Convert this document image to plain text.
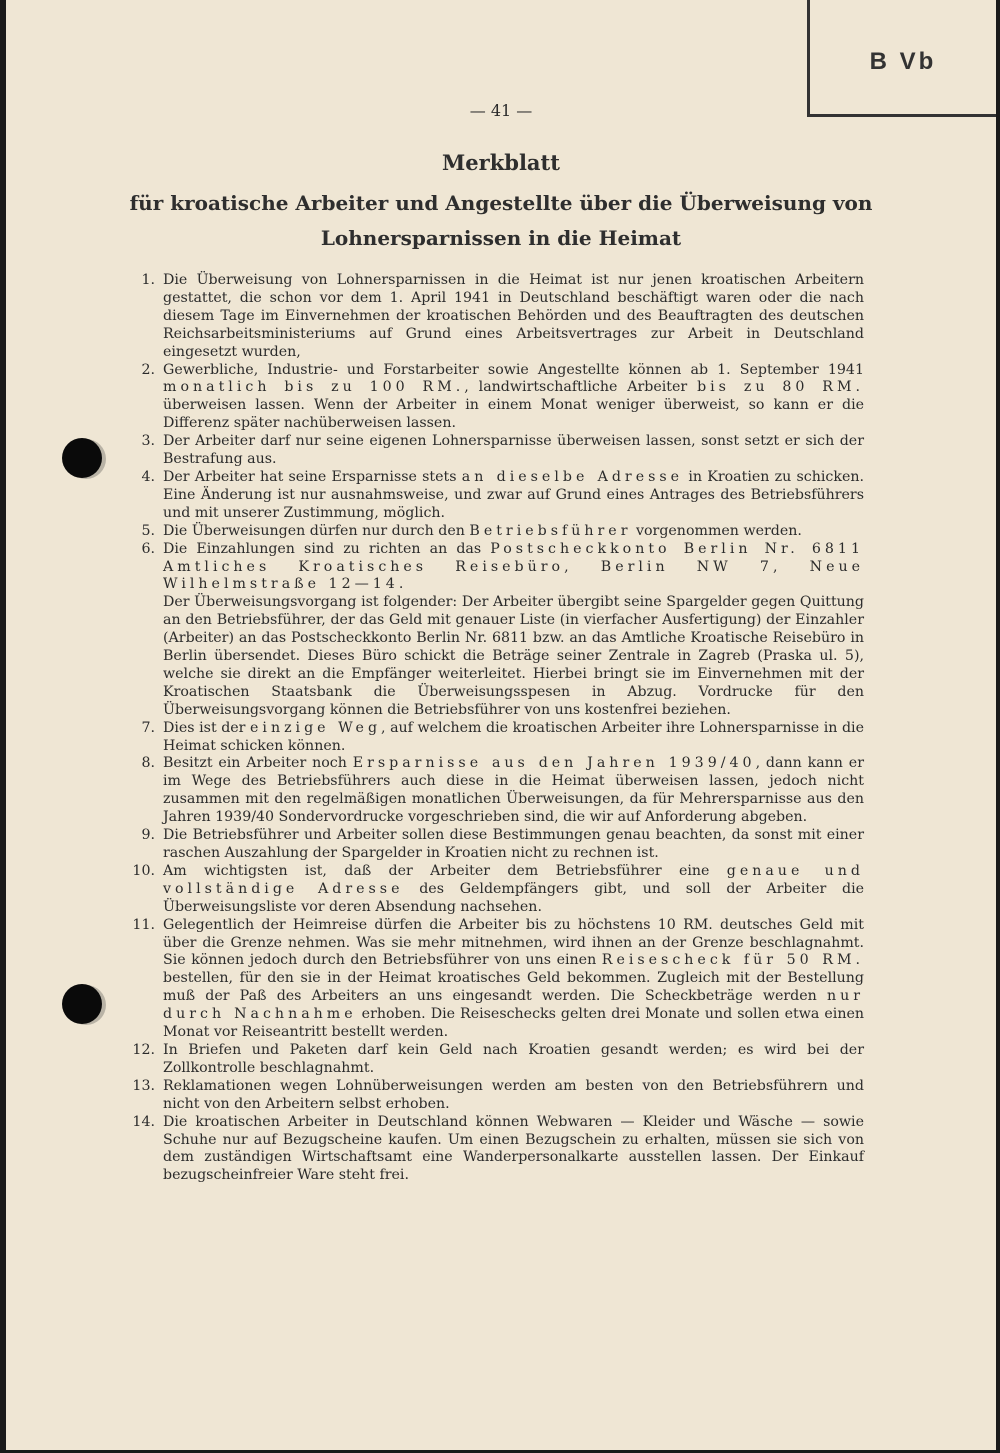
B Vb
— 41 —
Merkblatt
für kroatische Arbeiter und Angestellte über die Überweisung von Lohnersparnissen in die Heimat
1. Die Überweisung von Lohnersparnissen in die Heimat ist nur jenen kroatischen Arbeitern gestattet, die schon vor dem 1. April 1941 in Deutschland beschäftigt waren oder die nach diesem Tage im Einvernehmen der kroatischen Behörden und des Beauftragten des deutschen Reichsarbeitsministeriums auf Grund eines Arbeitsvertrages zur Arbeit in Deutschland eingesetzt wurden,
2. Gewerbliche, Industrie- und Forstarbeiter sowie Angestellte können ab 1. September 1941 monatlich bis zu 100 RM., landwirtschaftliche Arbeiter bis zu 80 RM. überweisen lassen. Wenn der Arbeiter in einem Monat weniger überweist, so kann er die Differenz später nachüberweisen lassen.
3. Der Arbeiter darf nur seine eigenen Lohnersparnisse überweisen lassen, sonst setzt er sich der Bestrafung aus.
4. Der Arbeiter hat seine Ersparnisse stets an dieselbe Adresse in Kroatien zu schicken. Eine Änderung ist nur ausnahmsweise, und zwar auf Grund eines Antrages des Betriebsführers und mit unserer Zustimmung, möglich.
5. Die Überweisungen dürfen nur durch den Betriebsführer vorgenommen werden.
6. Die Einzahlungen sind zu richten an das Postscheckkonto Berlin Nr. 6811 Amtliches Kroatisches Reisebüro, Berlin NW 7, Neue Wilhelmstraße 12—14.
Der Überweisungsvorgang ist folgender: Der Arbeiter übergibt seine Spargelder gegen Quittung an den Betriebsführer, der das Geld mit genauer Liste (in vierfacher Ausfertigung) der Einzahler (Arbeiter) an das Postscheckkonto Berlin Nr. 6811 bzw. an das Amtliche Kroatische Reisebüro in Berlin übersendet. Dieses Büro schickt die Beträge seiner Zentrale in Zagreb (Praska ul. 5), welche sie direkt an die Empfänger weiterleitet. Hierbei bringt sie im Einvernehmen mit der Kroatischen Staatsbank die Überweisungsspesen in Abzug. Vordrucke für den Überweisungsvorgang können die Betriebsführer von uns kostenfrei beziehen.
7. Dies ist der einzige Weg, auf welchem die kroatischen Arbeiter ihre Lohnersparnisse in die Heimat schicken können.
8. Besitzt ein Arbeiter noch Ersparnisse aus den Jahren 1939/40, dann kann er im Wege des Betriebsführers auch diese in die Heimat überweisen lassen, jedoch nicht zusammen mit den regelmäßigen monatlichen Überweisungen, da für Mehrersparnisse aus den Jahren 1939/40 Sondervordrucke vorgeschrieben sind, die wir auf Anforderung abgeben.
9. Die Betriebsführer und Arbeiter sollen diese Bestimmungen genau beachten, da sonst mit einer raschen Auszahlung der Spargelder in Kroatien nicht zu rechnen ist.
10. Am wichtigsten ist, daß der Arbeiter dem Betriebsführer eine genaue und vollständige Adresse des Geldempfängers gibt, und soll der Arbeiter die Überweisungsliste vor deren Absendung nachsehen.
11. Gelegentlich der Heimreise dürfen die Arbeiter bis zu höchstens 10 RM. deutsches Geld mit über die Grenze nehmen. Was sie mehr mitnehmen, wird ihnen an der Grenze beschlagnahmt. Sie können jedoch durch den Betriebsführer von uns einen Reisescheck für 50 RM. bestellen, für den sie in der Heimat kroatisches Geld bekommen. Zugleich mit der Bestellung muß der Paß des Arbeiters an uns eingesandt werden. Die Scheckbeträge werden nur durch Nachnahme erhoben. Die Reiseschecks gelten drei Monate und sollen etwa einen Monat vor Reiseantritt bestellt werden.
12. In Briefen und Paketen darf kein Geld nach Kroatien gesandt werden; es wird bei der Zollkontrolle beschlagnahmt.
13. Reklamationen wegen Lohnüberweisungen werden am besten von den Betriebsführern und nicht von den Arbeitern selbst erhoben.
14. Die kroatischen Arbeiter in Deutschland können Webwaren — Kleider und Wäsche — sowie Schuhe nur auf Bezugscheine kaufen. Um einen Bezugschein zu erhalten, müssen sie sich von dem zuständigen Wirtschaftsamt eine Wanderpersonalkarte ausstellen lassen. Der Einkauf bezugscheinfreier Ware steht frei.
